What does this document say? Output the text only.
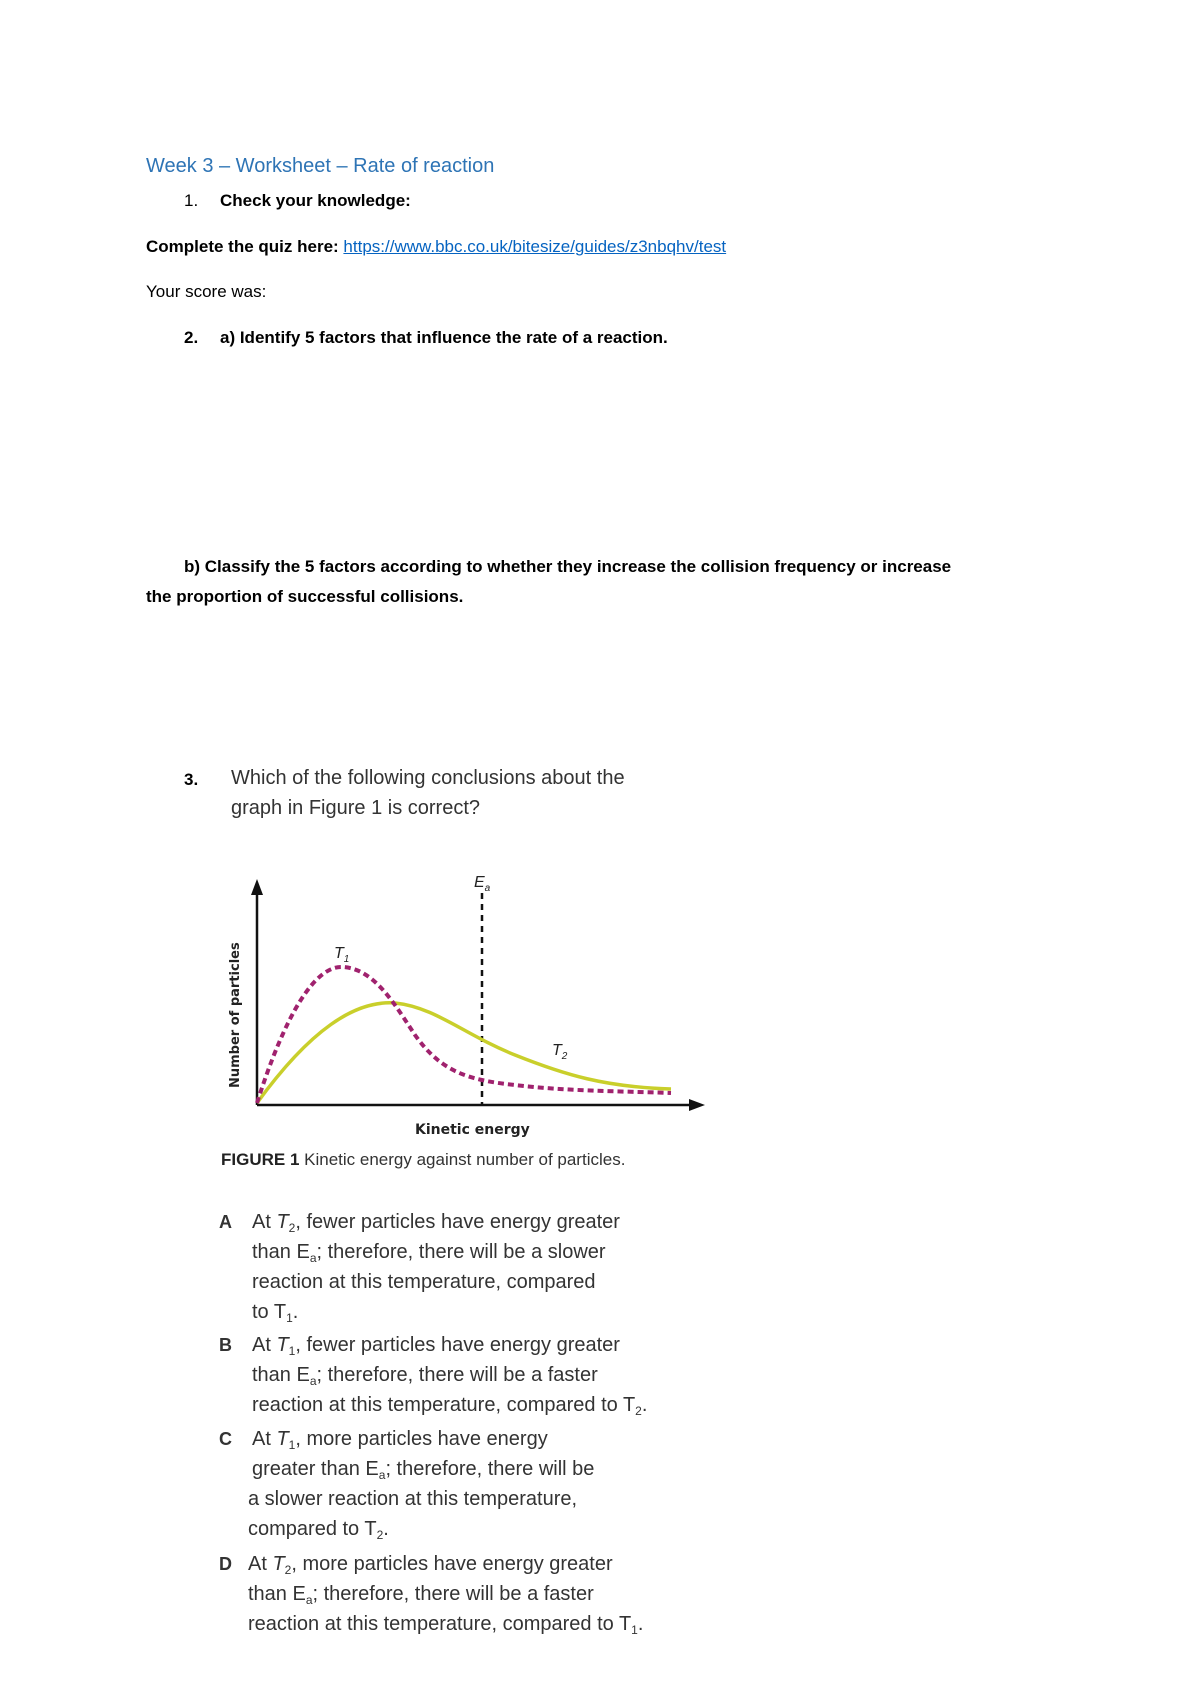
Week 3 – Worksheet – Rate of reaction
1. Check your knowledge:
Complete the quiz here: https://www.bbc.co.uk/bitesize/guides/z3nbqhv/test
Your score was:
2. a) Identify 5 factors that influence the rate of a reaction.
b) Classify the 5 factors according to whether they increase the collision frequency or increase
the proportion of successful collisions.
3. Which of the following conclusions about the
graph in Figure 1 is correct?
$E_a$
$T_1$
$T_2$
Number of particles
Kinetic energy
FIGURE 1 Kinetic energy against number of particles.
A At $T_2$, fewer particles have energy greater
than $E_a$; therefore, there will be a slower
reaction at this temperature, compared
to $T_1$.
B At $T_1$, fewer particles have energy greater
than $E_a$; therefore, there will be a faster
reaction at this temperature, compared to $T_2$.
C At $T_1$, more particles have energy
greater than $E_a$; therefore, there will be
a slower reaction at this temperature,
compared to $T_2$.
D At $T_2$, more particles have energy greater
than $E_a$; therefore, there will be a faster
reaction at this temperature, compared to $T_1$.
